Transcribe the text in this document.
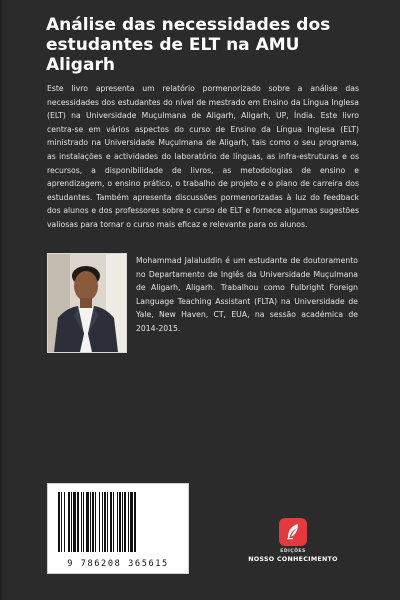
Análise das necessidades dos estudantes de ELT na AMU Aligarh

Este livro apresenta um relatório pormenorizado sobre a análise das necessidades dos estudantes do nível de mestrado em Ensino da Língua Inglesa (ELT) na Universidade Muçulmana de Aligarh, Aligarh, UP, Índia. Este livro centra-se em vários aspectos do curso de Ensino da Língua Inglesa (ELT) ministrado na Universidade Muçulmana de Aligarh, tais como o seu programa, as instalações e actividades do laboratório de línguas, as infra-estruturas e os recursos, a disponibilidade de livros, as metodologias de ensino e aprendizagem, o ensino prático, o trabalho de projeto e o plano de carreira dos estudantes. Também apresenta discussões pormenorizadas à luz do feedback dos alunos e dos professores sobre o curso de ELT e fornece algumas sugestões valiosas para tornar o curso mais eficaz e relevante para os alunos.

Mohammad Jalaluddin é um estudante de doutoramento no Departamento de Inglês da Universidade Muçulmana de Aligarh, Aligarh. Trabalhou como Fulbright Foreign Language Teaching Assistant (FLTA) na Universidade de Yale, New Haven, CT, EUA, na sessão académica de 2014-2015.

9 786208 365615
EDIÇÕES
NOSSO CONHECIMENTO
